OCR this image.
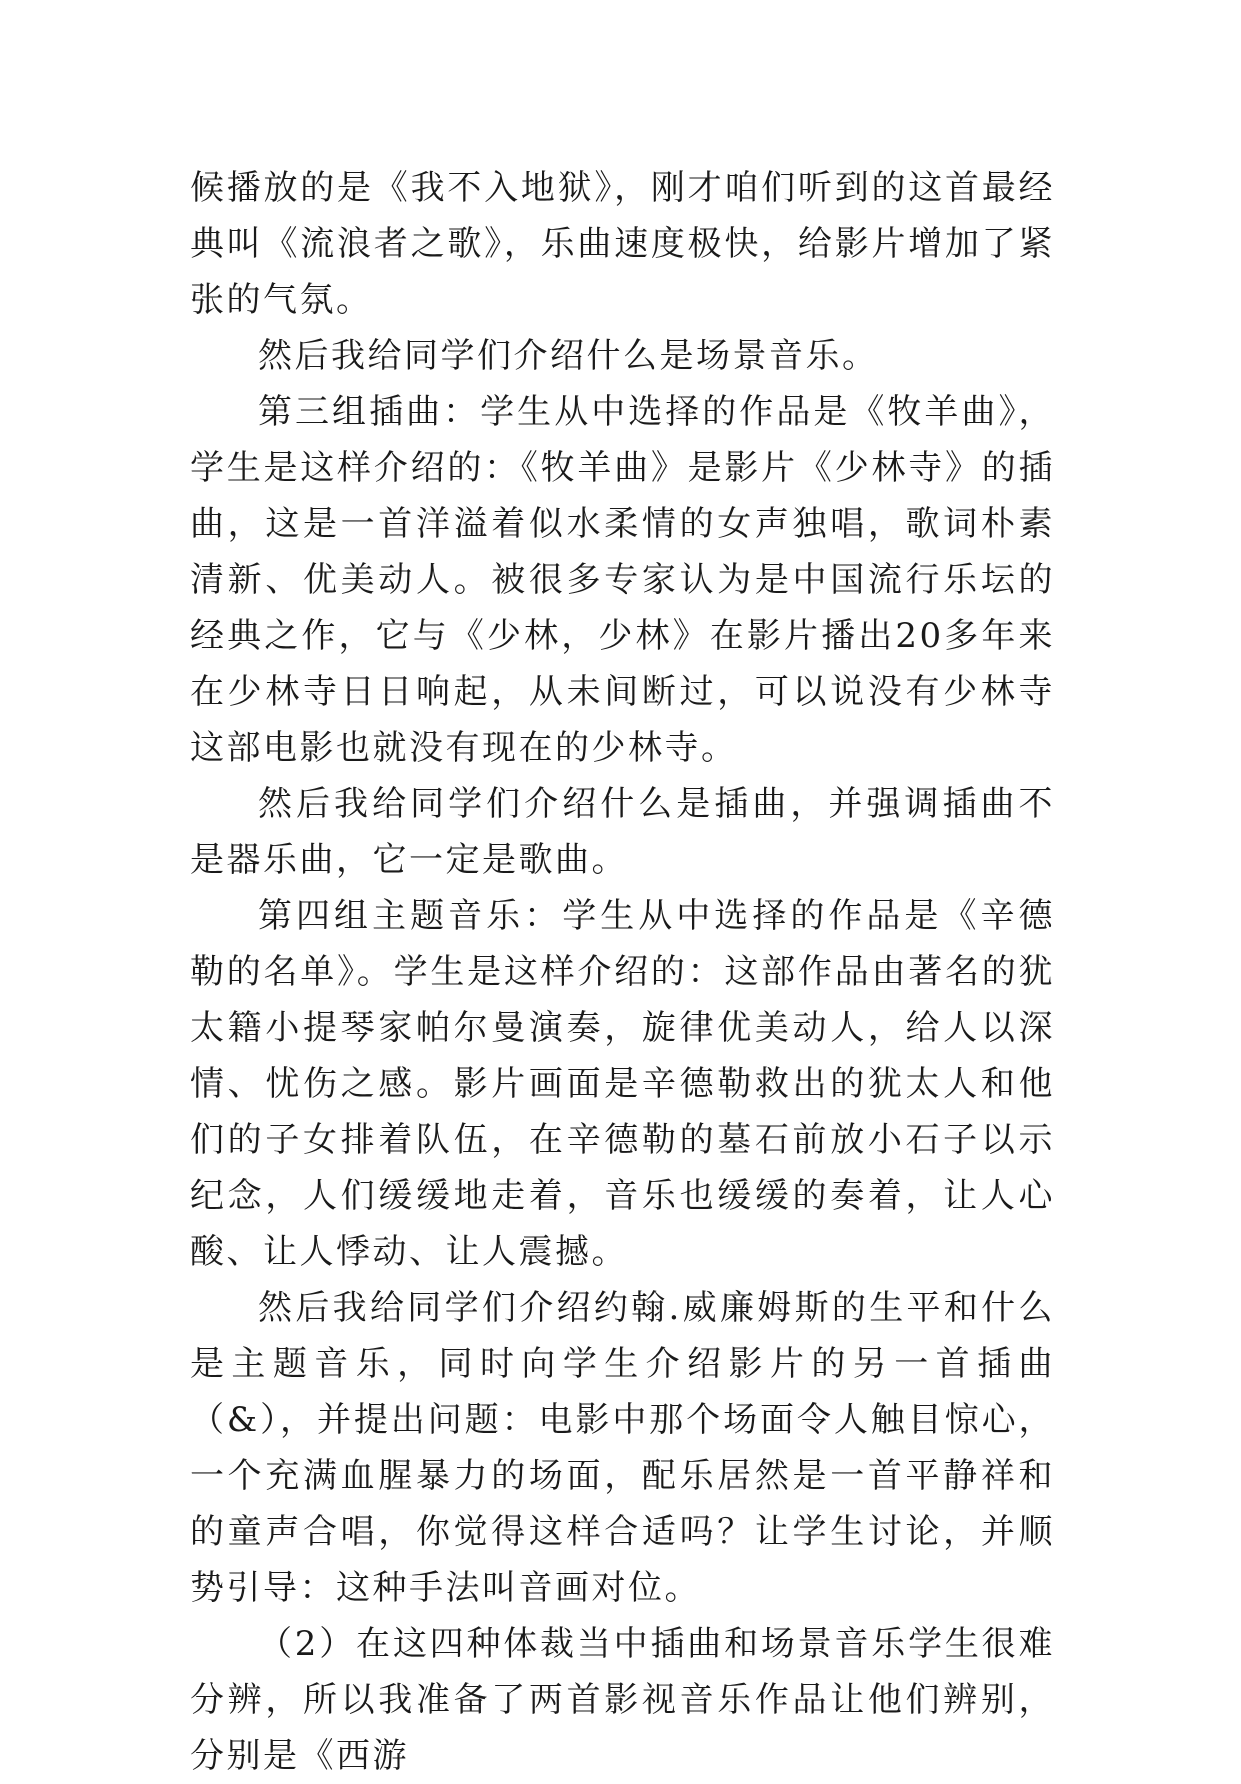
候播放的是《我不入地狱》，刚才咱们听到的这首最经典叫《流浪者之歌》，乐曲速度极快，给影片增加了紧张的气氛。

然后我给同学们介绍什么是场景音乐。

第三组插曲：学生从中选择的作品是《牧羊曲》，学生是这样介绍的：《牧羊曲》是影片《少林寺》的插曲，这是一首洋溢着似水柔情的女声独唱，歌词朴素清新、优美动人。被很多专家认为是中国流行乐坛的经典之作，它与《少林，少林》在影片播出20多年来在少林寺日日响起，从未间断过，可以说没有少林寺这部电影也就没有现在的少林寺。

然后我给同学们介绍什么是插曲，并强调插曲不是器乐曲，它一定是歌曲。

第四组主题音乐：学生从中选择的作品是《辛德勒的名单》。学生是这样介绍的：这部作品由著名的犹太籍小提琴家帕尔曼演奏，旋律优美动人，给人以深情、忧伤之感。影片画面是辛德勒救出的犹太人和他们的子女排着队伍，在辛德勒的墓石前放小石子以示纪念，人们缓缓地走着，音乐也缓缓的奏着，让人心酸、让人悸动、让人震撼。

然后我给同学们介绍约翰.威廉姆斯的生平和什么是主题音乐，同时向学生介绍影片的另一首插曲（&），并提出问题：电影中那个场面令人触目惊心，一个充满血腥暴力的场面，配乐居然是一首平静祥和的童声合唱，你觉得这样合适吗？让学生讨论，并顺势引导：这种手法叫音画对位。

（2）在这四种体裁当中插曲和场景音乐学生很难分辨，所以我准备了两首影视音乐作品让他们辨别，分别是《西游
